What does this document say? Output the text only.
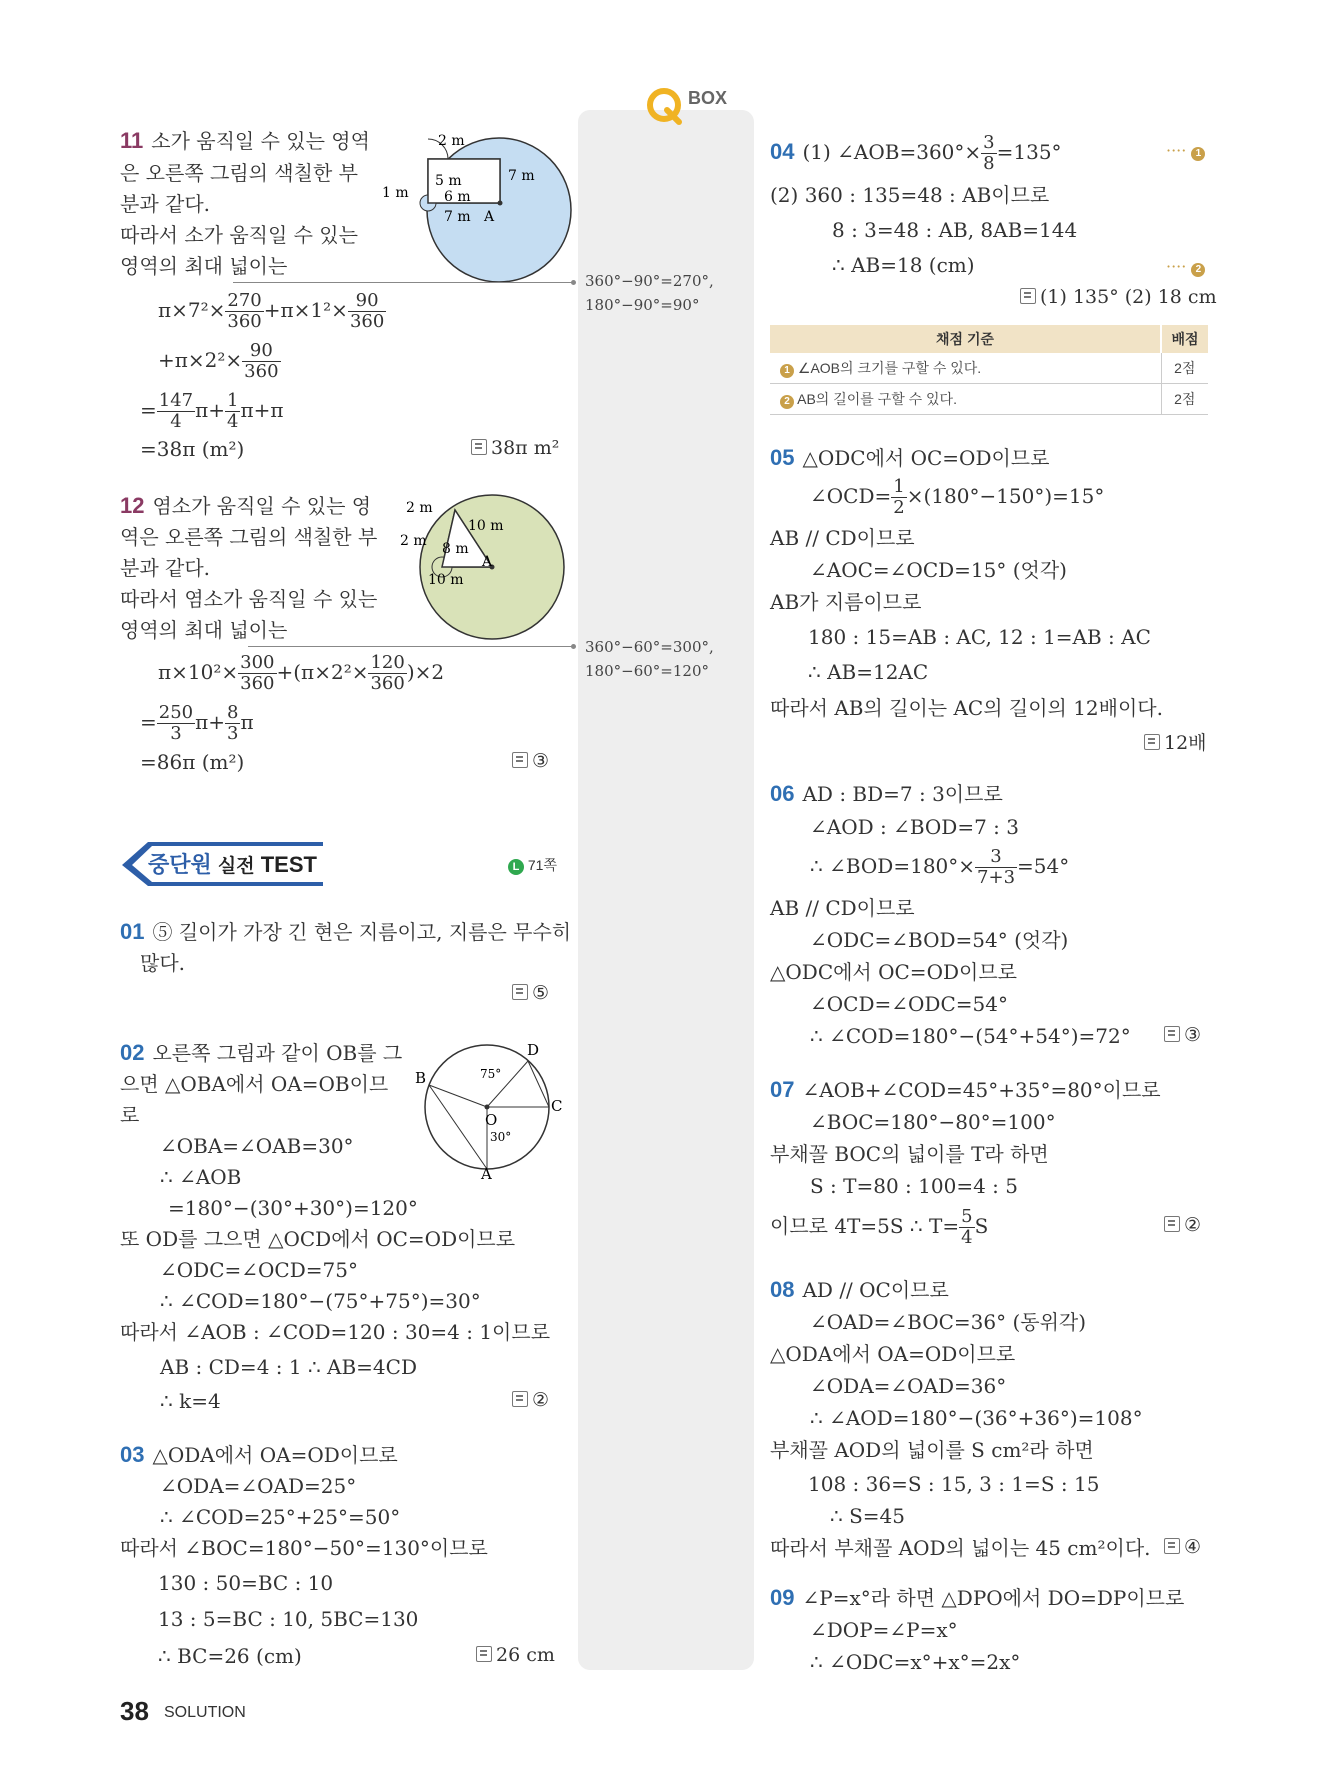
BOX
11 소가 움직일 수 있는 영역
은 오른쪽 그림의 색칠한 부
분과 같다.
따라서 소가 움직일 수 있는
영역의 최대 넓이는
2 m
7 m
1 m
5 m
6 m
7 m A
360°−90°=270°,
180°−90°=90°
$\pi\times 7^2\times \frac{270}{360} +\pi\times 1^2\times \frac{90}{360}$
$+\pi\times 2^2\times \frac{90}{360}$
= $\frac{147}{4} \pi+ \frac{1}{4} \pi+\pi$
=38π (m²)	38π m²
12 염소가 움직일 수 있는 영
역은 오른쪽 그림의 색칠한 부
분과 같다.
따라서 염소가 움직일 수 있는
영역의 최대 넓이는
2 m
2 m
10 m
8 m
10 m
A
360°−60°=300°,
180°−60°=120°
$\pi\times 10^2\times \frac{300}{360} +(\pi\times 2^2\times \frac{120}{360} )\times 2$
= $\frac{250}{3} \pi+ \frac{8}{3}$ π
=86π (m²)	③
중단원 실전 TEST	L 71쪽
01 ⑤ 길이가 가장 긴 현은 지름이고, 지름은 무수히
많다.
⑤
02 오른쪽 그림과 같이 OB를 그
으면 △OBA에서 OA=OB이므
로
∠OBA=∠OAB=30°
∴ ∠AOB
=180°−(30°+30°)=120°
또 OD를 그으면 △OCD에서 OC=OD이므로
∠ODC=∠OCD=75°
∴ ∠COD=180°−(75°+75°)=30°
따라서 ∠AOB : ∠COD=120 : 30=4 : 1이므로
AB : CD=4 : 1 ∴ AB=4CD
∴ k=4	②
B
D
C
O
A
75°
30°
03 △ODA에서 OA=OD이므로
∠ODA=∠OAD=25°
∴ ∠COD=25°+25°=50°
따라서 ∠BOC=180°−50°=130°이므로
130 : 50=BC : 10
13 : 5=BC : 10, 5BC=130
∴ BC=26 (cm)	26 cm
38 SOLUTION
04 (1) ∠AOB=360°× $\frac{3}{8} =135^\circ$	···· 1
(2) 360 : 135=48 : AB이므로
8 : 3=48 : AB, 8AB=144
∴ AB=18 (cm)	···· 2
(1) 135° (2) 18 cm
채점 기준	배점
1 ∠AOB의 크기를 구할 수 있다.	2점
2 AB의 길이를 구할 수 있다.	2점
05 △ODC에서 OC=OD이므로
∠OCD= $\frac{1}{2} \times(180^\circ-150^\circ)=15^\circ$
AB // CD이므로
∠AOC=∠OCD=15° (엇각)
AB가 지름이므로
180 : 15=AB : AC, 12 : 1=AB : AC
∴ AB=12AC
따라서 AB의 길이는 AC의 길이의 12배이다.
12배
06 AD : BD=7 : 3이므로
∠AOD : ∠BOD=7 : 3
∴ ∠BOD=180°× $\frac{3}{7+3} =54^\circ$
AB // CD이므로
∠ODC=∠BOD=54° (엇각)
△ODC에서 OC=OD이므로
∠OCD=∠ODC=54°
∴ ∠COD=180°−(54°+54°)=72°	③
07 ∠AOB+∠COD=45°+35°=80°이므로
∠BOC=180°−80°=100°
부채꼴 BOC의 넓이를 T라 하면
S : T=80 : 100=4 : 5
이므로 4T=5S ∴ $T= \frac{5}{4}$ S	②
08 AD // OC이므로
∠OAD=∠BOC=36° (동위각)
△ODA에서 OA=OD이므로
∠ODA=∠OAD=36°
∴ ∠AOD=180°−(36°+36°)=108°
부채꼴 AOD의 넓이를 S cm²라 하면
108 : 36=S : 15, 3 : 1=S : 15
∴ S=45
따라서 부채꼴 AOD의 넓이는 45 cm²이다.	④
09 ∠P=x°라 하면 △DPO에서 DO=DP이므로
∠DOP=∠P=x°
∴ ∠ODC=x°+x°=2x°
